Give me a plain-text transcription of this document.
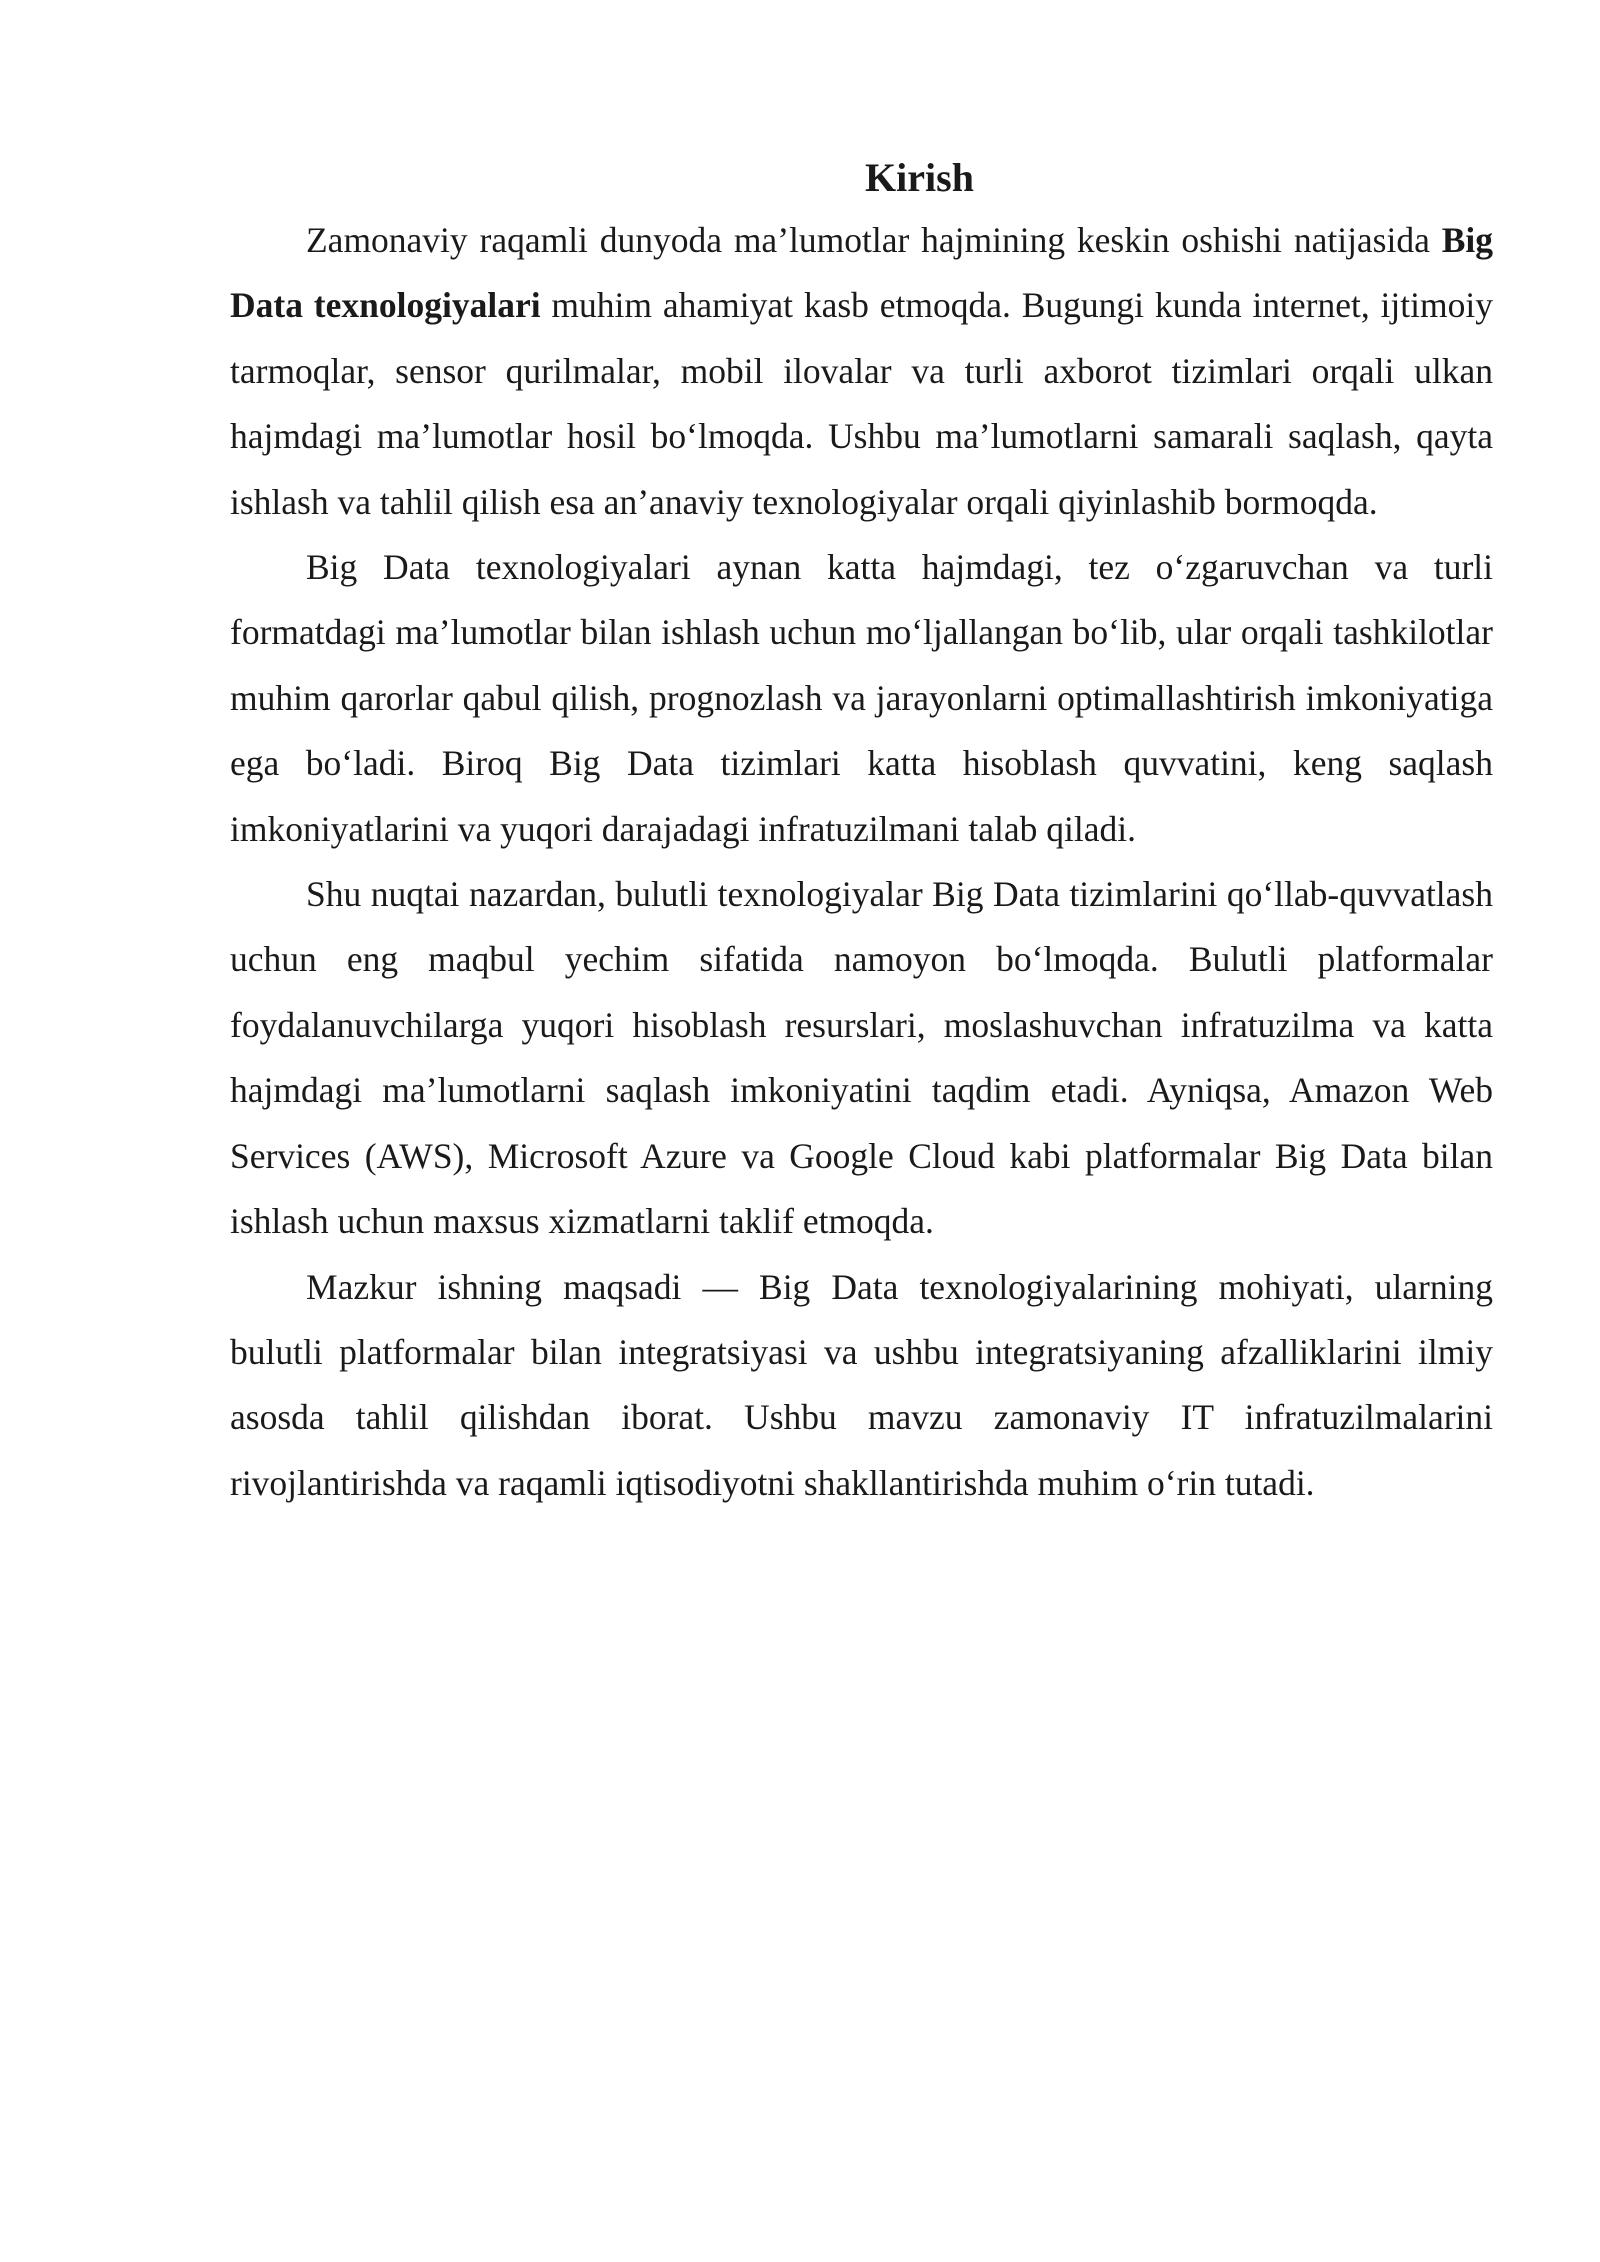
Kirish

Zamonaviy raqamli dunyoda ma’lumotlar hajmining keskin oshishi natijasida Big Data texnologiyalari muhim ahamiyat kasb etmoqda. Bugungi kunda internet, ijtimoiy tarmoqlar, sensor qurilmalar, mobil ilovalar va turli axborot tizimlari orqali ulkan hajmdagi ma’lumotlar hosil bo‘lmoqda. Ushbu ma’lumotlarni samarali saqlash, qayta ishlash va tahlil qilish esa an’anaviy texnologiyalar orqali qiyinlashib bormoqda.

Big Data texnologiyalari aynan katta hajmdagi, tez o‘zgaruvchan va turli formatdagi ma’lumotlar bilan ishlash uchun mo‘ljallangan bo‘lib, ular orqali tashkilotlar muhim qarorlar qabul qilish, prognozlash va jarayonlarni optimallashtirish imkoniyatiga ega bo‘ladi. Biroq Big Data tizimlari katta hisoblash quvvatini, keng saqlash imkoniyatlarini va yuqori darajadagi infratuzilmani talab qiladi.

Shu nuqtai nazardan, bulutli texnologiyalar Big Data tizimlarini qo‘llab-quvvatlash uchun eng maqbul yechim sifatida namoyon bo‘lmoqda. Bulutli platformalar foydalanuvchilarga yuqori hisoblash resurslari, moslashuvchan infratuzilma va katta hajmdagi ma’lumotlarni saqlash imkoniyatini taqdim etadi. Ayniqsa, Amazon Web Services (AWS), Microsoft Azure va Google Cloud kabi platformalar Big Data bilan ishlash uchun maxsus xizmatlarni taklif etmoqda.

Mazkur ishning maqsadi — Big Data texnologiyalarining mohiyati, ularning bulutli platformalar bilan integratsiyasi va ushbu integratsiyaning afzalliklarini ilmiy asosda tahlil qilishdan iborat. Ushbu mavzu zamonaviy IT infratuzilmalarini rivojlantirishda va raqamli iqtisodiyotni shakllantirishda muhim o‘rin tutadi.
